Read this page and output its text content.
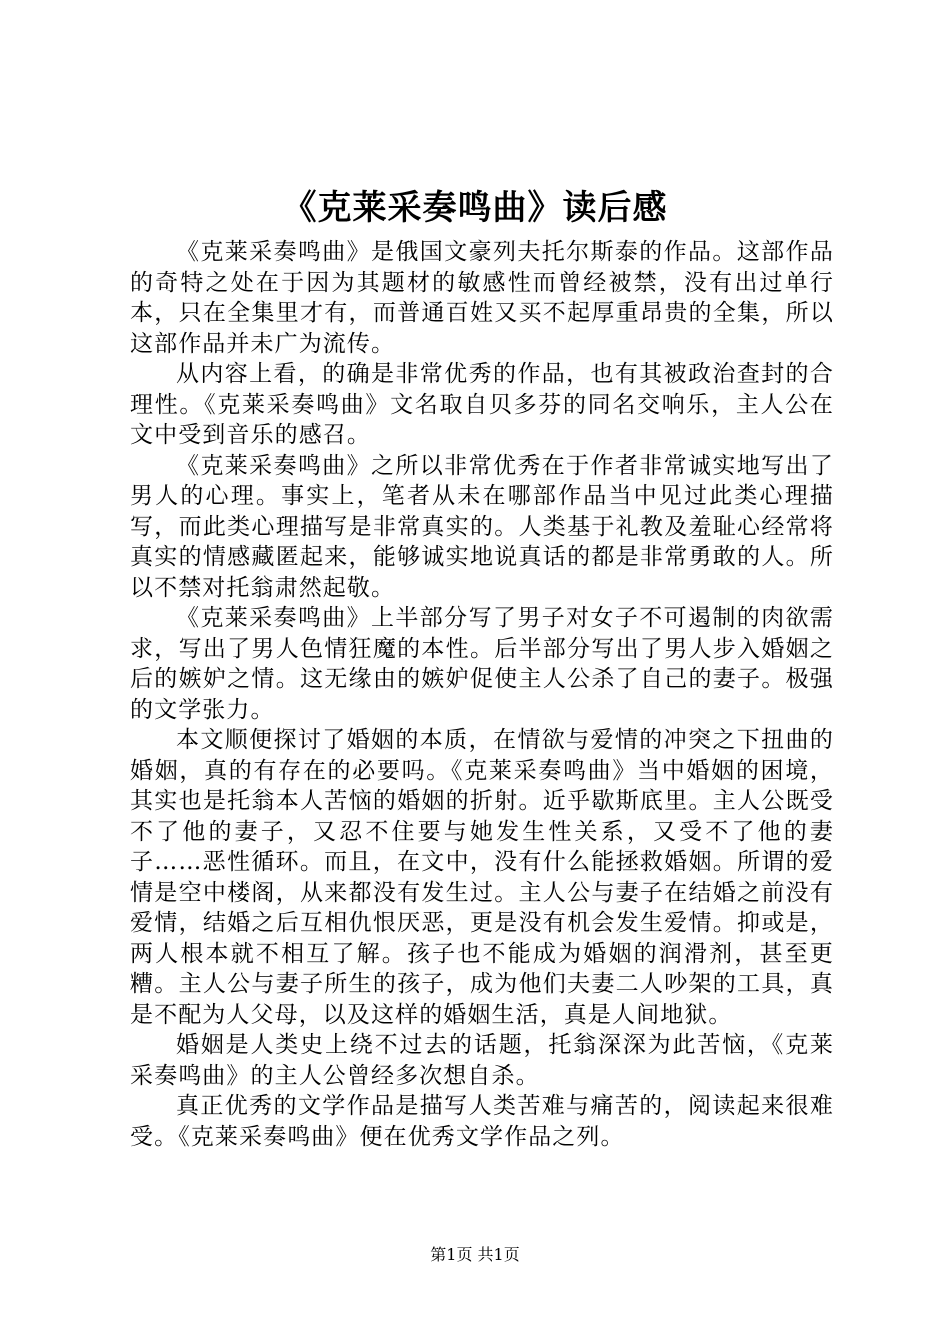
《克莱采奏鸣曲》读后感

《克莱采奏鸣曲》是俄国文豪列夫托尔斯泰的作品。这部作品的奇特之处在于因为其题材的敏感性而曾经被禁，没有出过单行本，只在全集里才有，而普通百姓又买不起厚重昂贵的全集，所以这部作品并未广为流传。

从内容上看，的确是非常优秀的作品，也有其被政治查封的合理性。《克莱采奏鸣曲》文名取自贝多芬的同名交响乐，主人公在文中受到音乐的感召。

《克莱采奏鸣曲》之所以非常优秀在于作者非常诚实地写出了男人的心理。事实上，笔者从未在哪部作品当中见过此类心理描写，而此类心理描写是非常真实的。人类基于礼教及羞耻心经常将真实的情感藏匿起来，能够诚实地说真话的都是非常勇敢的人。所以不禁对托翁肃然起敬。

《克莱采奏鸣曲》上半部分写了男子对女子不可遏制的肉欲需求，写出了男人色情狂魔的本性。后半部分写出了男人步入婚姻之后的嫉妒之情。这无缘由的嫉妒促使主人公杀了自己的妻子。极强的文学张力。

本文顺便探讨了婚姻的本质，在情欲与爱情的冲突之下扭曲的婚姻，真的有存在的必要吗。《克莱采奏鸣曲》当中婚姻的困境，其实也是托翁本人苦恼的婚姻的折射。近乎歇斯底里。主人公既受不了他的妻子，又忍不住要与她发生性关系，又受不了他的妻子……恶性循环。而且，在文中，没有什么能拯救婚姻。所谓的爱情是空中楼阁，从来都没有发生过。主人公与妻子在结婚之前没有爱情，结婚之后互相仇恨厌恶，更是没有机会发生爱情。抑或是，两人根本就不相互了解。孩子也不能成为婚姻的润滑剂，甚至更糟。主人公与妻子所生的孩子，成为他们夫妻二人吵架的工具，真是不配为人父母，以及这样的婚姻生活，真是人间地狱。

婚姻是人类史上绕不过去的话题，托翁深深为此苦恼，《克莱采奏鸣曲》的主人公曾经多次想自杀。

真正优秀的文学作品是描写人类苦难与痛苦的，阅读起来很难受。《克莱采奏鸣曲》便在优秀文学作品之列。

第1页 共1页
